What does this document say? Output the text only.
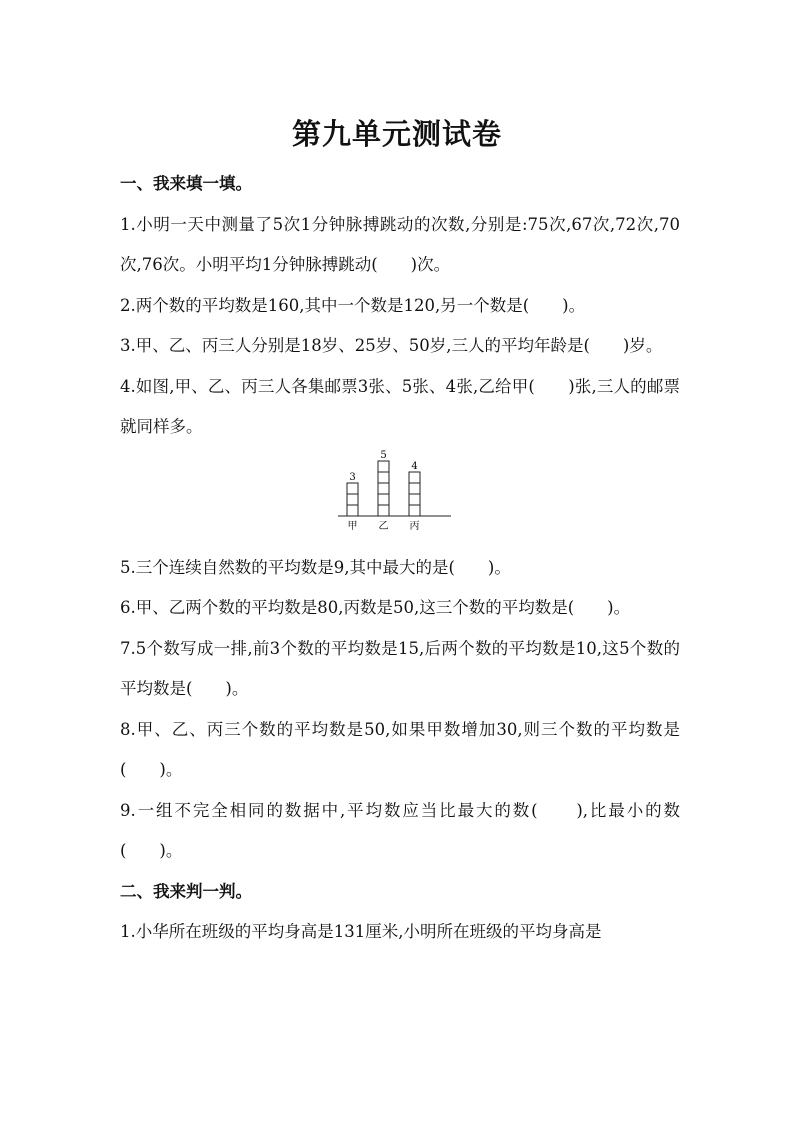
第九单元测试卷
一、我来填一填。

1.小明一天中测量了5次1分钟脉搏跳动的次数,分别是:75次,67次,72次,70次,76次。小明平均1分钟脉搏跳动(　　)次。

2.两个数的平均数是160,其中一个数是120,另一个数是(　　)。

3.甲、乙、丙三人分别是18岁、25岁、50岁,三人的平均年龄是(　　)岁。

4.如图,甲、乙、丙三人各集邮票3张、5张、4张,乙给甲(　　)张,三人的邮票就同样多。

3
甲
5
乙
4
丙

5.三个连续自然数的平均数是9,其中最大的是(　　)。

6.甲、乙两个数的平均数是80,丙数是50,这三个数的平均数是(　　)。

7.5个数写成一排,前3个数的平均数是15,后两个数的平均数是10,这5个数的平均数是(　　)。

8.甲、乙、丙三个数的平均数是50,如果甲数增加30,则三个数的平均数是(　　)。

9.一组不完全相同的数据中,平均数应当比最大的数(　　),比最小的数(　　)。

二、我来判一判。

1.小华所在班级的平均身高是131厘米,小明所在班级的平均身高是
